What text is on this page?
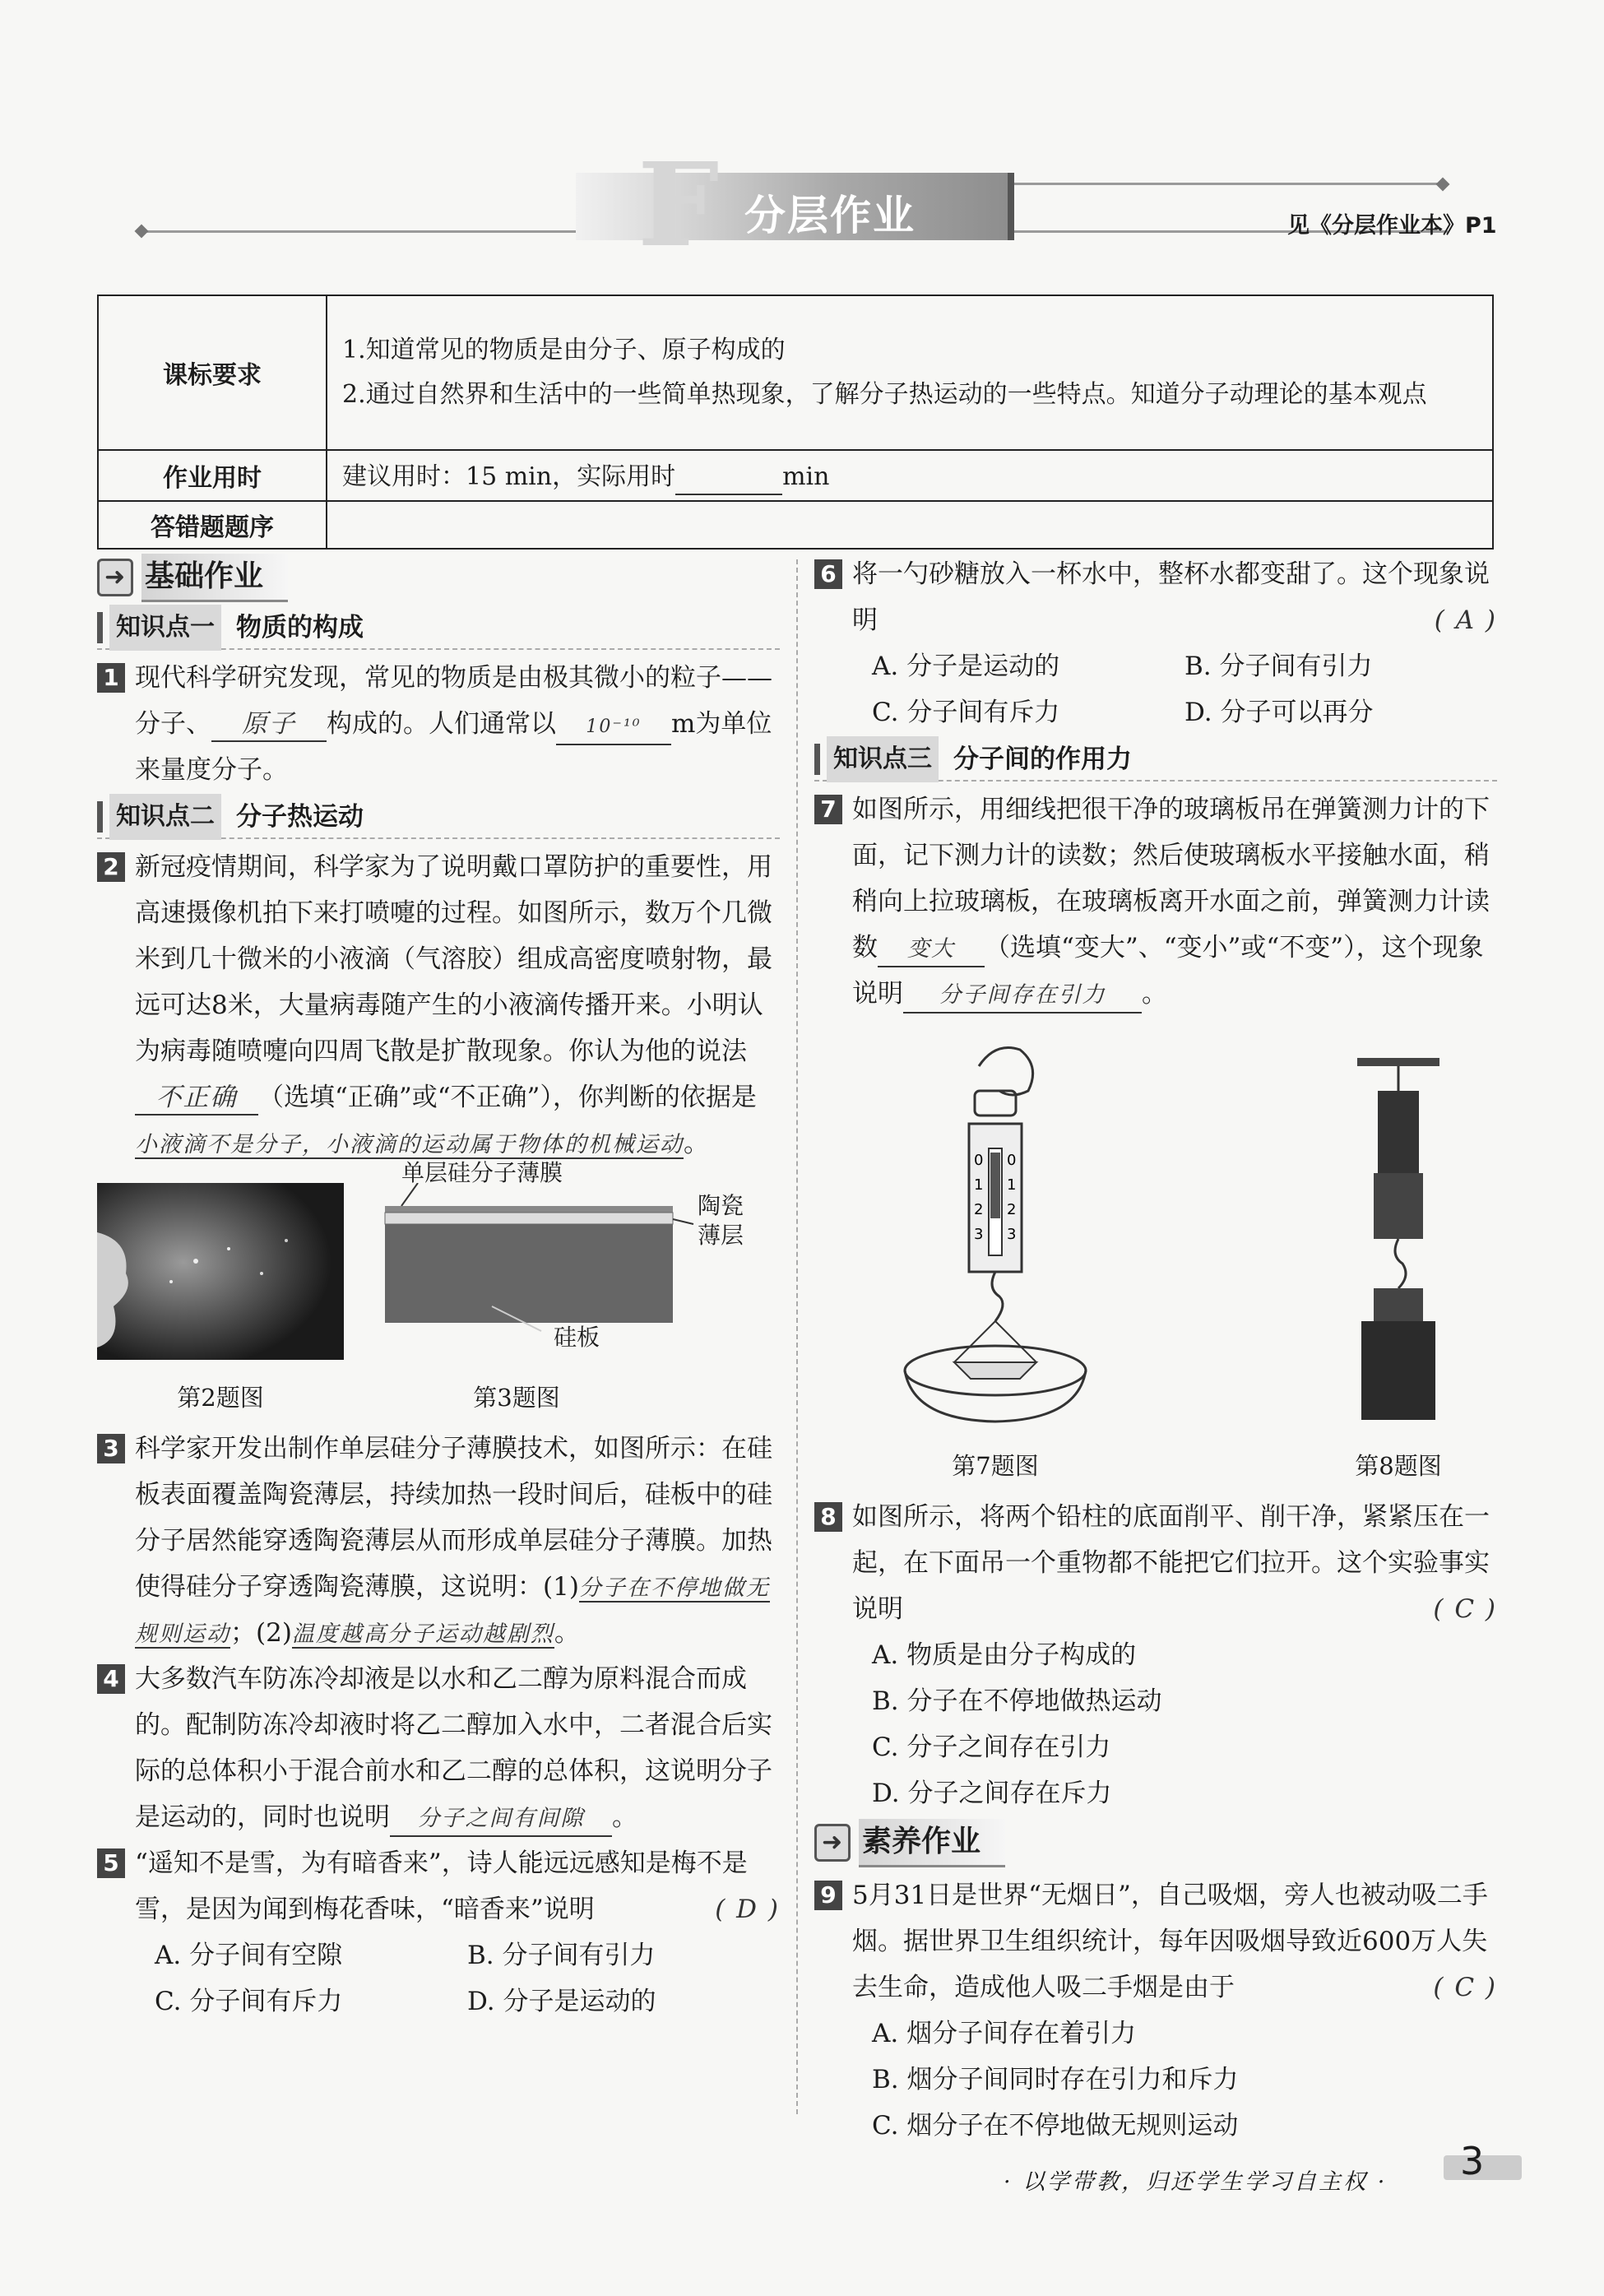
F 分层作业	见《分层作业本》P1
课标要求	1.知道常见的物质是由分子、原子构成的
2.通过自然界和生活中的一些简单热现象，了解分子热运动的一些特点。知道分子动理论的基本观点

作业用时	建议用时：15 min，实际用时 min
答错题题序	
➜
基础作业
知识点一 物质的构成
1 现代科学研究发现，常见的物质是由极其微小的粒子——分子、 原子 构成的。人们通常以 10⁻¹⁰ m为单位来量度分子。
知识点二 分子热运动
2 新冠疫情期间，科学家为了说明戴口罩防护的重要性，用高速摄像机拍下来打喷嚏的过程。如图所示，数万个几微米到几十微米的小液滴（气溶胶）组成高密度喷射物，最远可达8米，大量病毒随产生的小液滴传播开来。小明认为病毒随喷嚏向四周飞散是扩散现象。你认为他的说法不正确 （选填“正确”或“不正确”），你判断的依据是小液滴不是分子，小液滴的运动属于物体的机械运动。
第2题图
单层硅分子薄膜
陶瓷薄层
硅板
第3题图
3 科学家开发出制作单层硅分子薄膜技术，如图所示：在硅板表面覆盖陶瓷薄层，持续加热一段时间后，硅板中的硅分子居然能穿透陶瓷薄层从而形成单层硅分子薄膜。加热使得硅分子穿透陶瓷薄膜，这说明：(1)分子在不停地做无规则运动；(2)温度越高分子运动越剧烈。
4 大多数汽车防冻冷却液是以水和乙二醇为原料混合而成的。配制防冻冷却液时将乙二醇加入水中，二者混合后实际的总体积小于混合前水和乙二醇的总体积，这说明分子是运动的，同时也说明 分子之间有间隙 。
5 “遥知不是雪，为有暗香来”，诗人能远远感知是梅不是雪，是因为闻到梅花香味，“暗香来”说明	( D )
A. 分子间有空隙	B. 分子间有引力
C. 分子间有斥力	D. 分子是运动的
6 将一勺砂糖放入一杯水中，整杯水都变甜了。这个现象说明	( A )
A. 分子是运动的	B. 分子间有引力
C. 分子间有斥力	D. 分子可以再分
知识点三 分子间的作用力
7 如图所示，用细线把很干净的玻璃板吊在弹簧测力计的下面，记下测力计的读数；然后使玻璃板水平接触水面，稍稍向上拉玻璃板，在玻璃板离开水面之前，弹簧测力计读数 变大 （选填“变大”、“变小”或“不变”），这个现象说明 分子间存在引力 。
0
1
2
3
0
1
2
3
第7题图	第8题图
8 如图所示，将两个铅柱的底面削平、削干净，紧紧压在一起，在下面吊一个重物都不能把它们拉开。这个实验事实说明	( C )
A. 物质是由分子构成的
B. 分子在不停地做热运动
C. 分子之间存在引力
D. 分子之间存在斥力
➜
素养作业
9 5月31日是世界“无烟日”，自己吸烟，旁人也被动吸二手烟。据世界卫生组织统计，每年因吸烟导致近600万人失去生命，造成他人吸二手烟是由于	( C )
A. 烟分子间存在着引力
B. 烟分子间同时存在引力和斥力
C. 烟分子在不停地做无规则运动
· 以学带教，归还学生学习自主权 · 3
